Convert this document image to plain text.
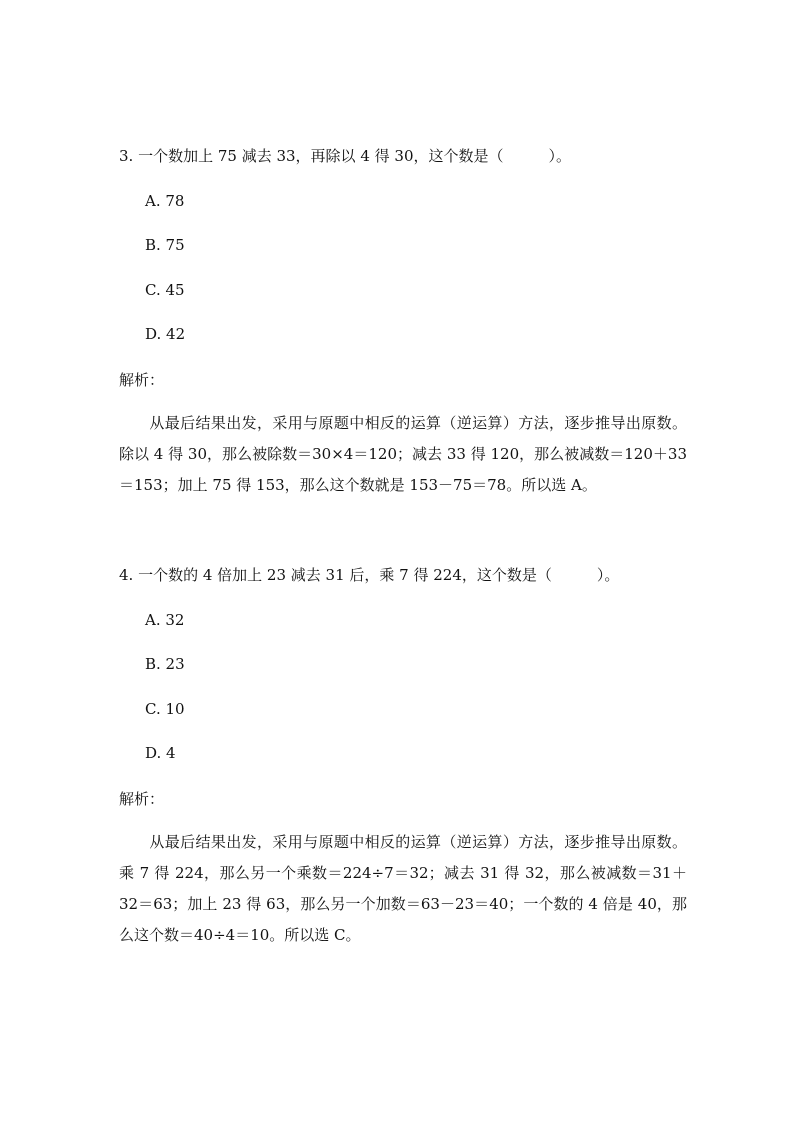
3. 一个数加上 75 减去 33，再除以 4 得 30，这个数是（　　　）。
A. 78
B. 75
C. 45
D. 42
解析：
从最后结果出发，采用与原题中相反的运算（逆运算）方法，逐步推导出原数。除以 4 得 30，那么被除数＝30×4＝120；减去 33 得 120，那么被减数＝120＋33＝153；加上 75 得 153，那么这个数就是 153－75＝78。所以选 A。
4. 一个数的 4 倍加上 23 减去 31 后，乘 7 得 224，这个数是（　　　）。
A. 32
B. 23
C. 10
D. 4
解析：
从最后结果出发，采用与原题中相反的运算（逆运算）方法，逐步推导出原数。乘 7 得 224，那么另一个乘数＝224÷7＝32；减去 31 得 32，那么被减数＝31＋32＝63；加上 23 得 63，那么另一个加数＝63－23＝40；一个数的 4 倍是 40，那么这个数＝40÷4＝10。所以选 C。
